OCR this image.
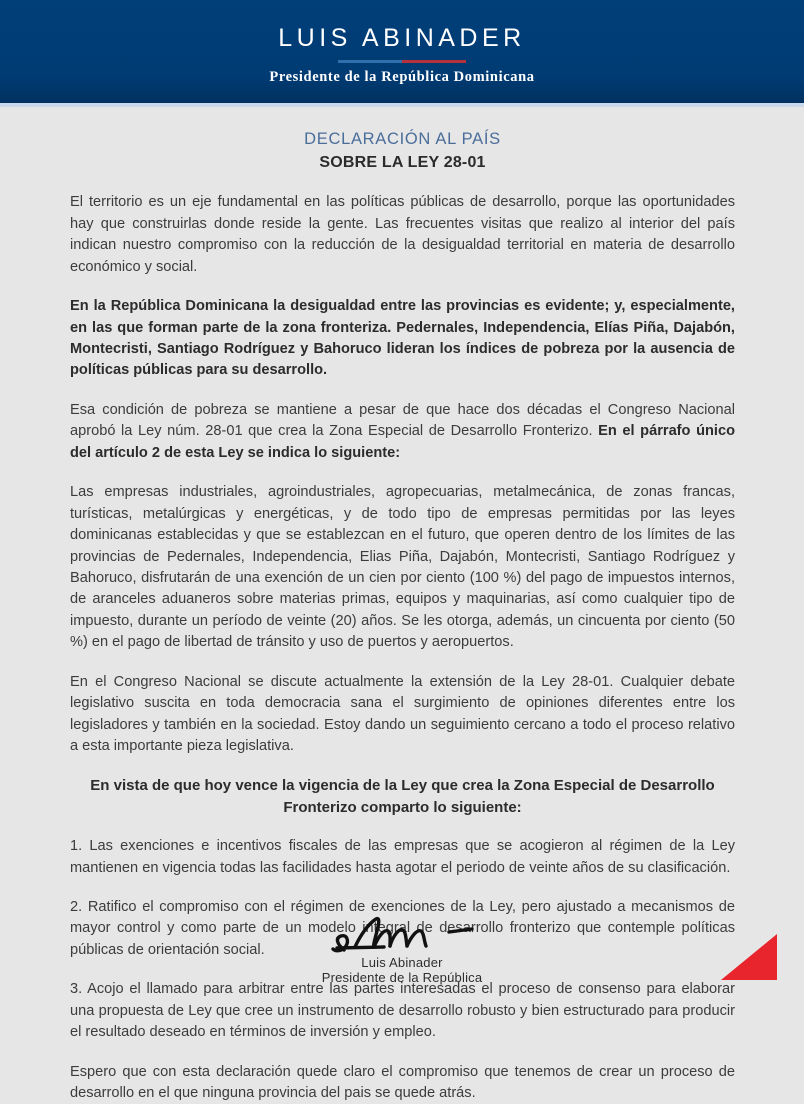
LUIS ABINADER
Presidente de la República Dominicana
DECLARACIÓN AL PAÍS
SOBRE LA LEY 28-01

El territorio es un eje fundamental en las políticas públicas de desarrollo, porque las oportunidades hay que construirlas donde reside la gente. Las frecuentes visitas que realizo al interior del país indican nuestro compromiso con la reducción de la desigualdad territorial en materia de desarrollo económico y social.

En la República Dominicana la desigualdad entre las provincias es evidente; y, especialmente, en las que forman parte de la zona fronteriza. Pedernales, Independencia, Elías Piña, Dajabón, Montecristi, Santiago Rodríguez y Bahoruco lideran los índices de pobreza por la ausencia de políticas públicas para su desarrollo.

Esa condición de pobreza se mantiene a pesar de que hace dos décadas el Congreso Nacional aprobó la Ley núm. 28-01 que crea la Zona Especial de Desarrollo Fronterizo. En el párrafo único del artículo 2 de esta Ley se indica lo siguiente:

Las empresas industriales, agroindustriales, agropecuarias, metalmecánica, de zonas francas, turísticas, metalúrgicas y energéticas, y de todo tipo de empresas permitidas por las leyes dominicanas establecidas y que se establezcan en el futuro, que operen dentro de los límites de las provincias de Pedernales, Independencia, Elias Piña, Dajabón, Montecristi, Santiago Rodríguez y Bahoruco, disfrutarán de una exención de un cien por ciento (100 %) del pago de impuestos internos, de aranceles aduaneros sobre materias primas, equipos y maquinarias, así como cualquier tipo de impuesto, durante un período de veinte (20) años. Se les otorga, además, un cincuenta por ciento (50 %) en el pago de libertad de tránsito y uso de puertos y aeropuertos.

En el Congreso Nacional se discute actualmente la extensión de la Ley 28-01. Cualquier debate legislativo suscita en toda democracia sana el surgimiento de opiniones diferentes entre los legisladores y también en la sociedad. Estoy dando un seguimiento cercano a todo el proceso relativo a esta importante pieza legislativa.

En vista de que hoy vence la vigencia de la Ley que crea la Zona Especial de Desarrollo Fronterizo comparto lo siguiente:

1. Las exenciones e incentivos fiscales de las empresas que se acogieron al régimen de la Ley mantienen en vigencia todas las facilidades hasta agotar el periodo de veinte años de su clasificación.

2. Ratifico el compromiso con el régimen de exenciones de la Ley, pero ajustado a mecanismos de mayor control y como parte de un modelo integral de desarrollo fronterizo que contemple políticas públicas de orientación social.

3. Acojo el llamado para arbitrar entre las partes interesadas el proceso de consenso para elaborar una propuesta de Ley que cree un instrumento de desarrollo robusto y bien estructurado para producir el resultado deseado en términos de inversión y empleo.

Espero que con esta declaración quede claro el compromiso que tenemos de crear un proceso de desarrollo en el que ninguna provincia del pais se quede atrás.

Luis Abinader
Presidente de la República
